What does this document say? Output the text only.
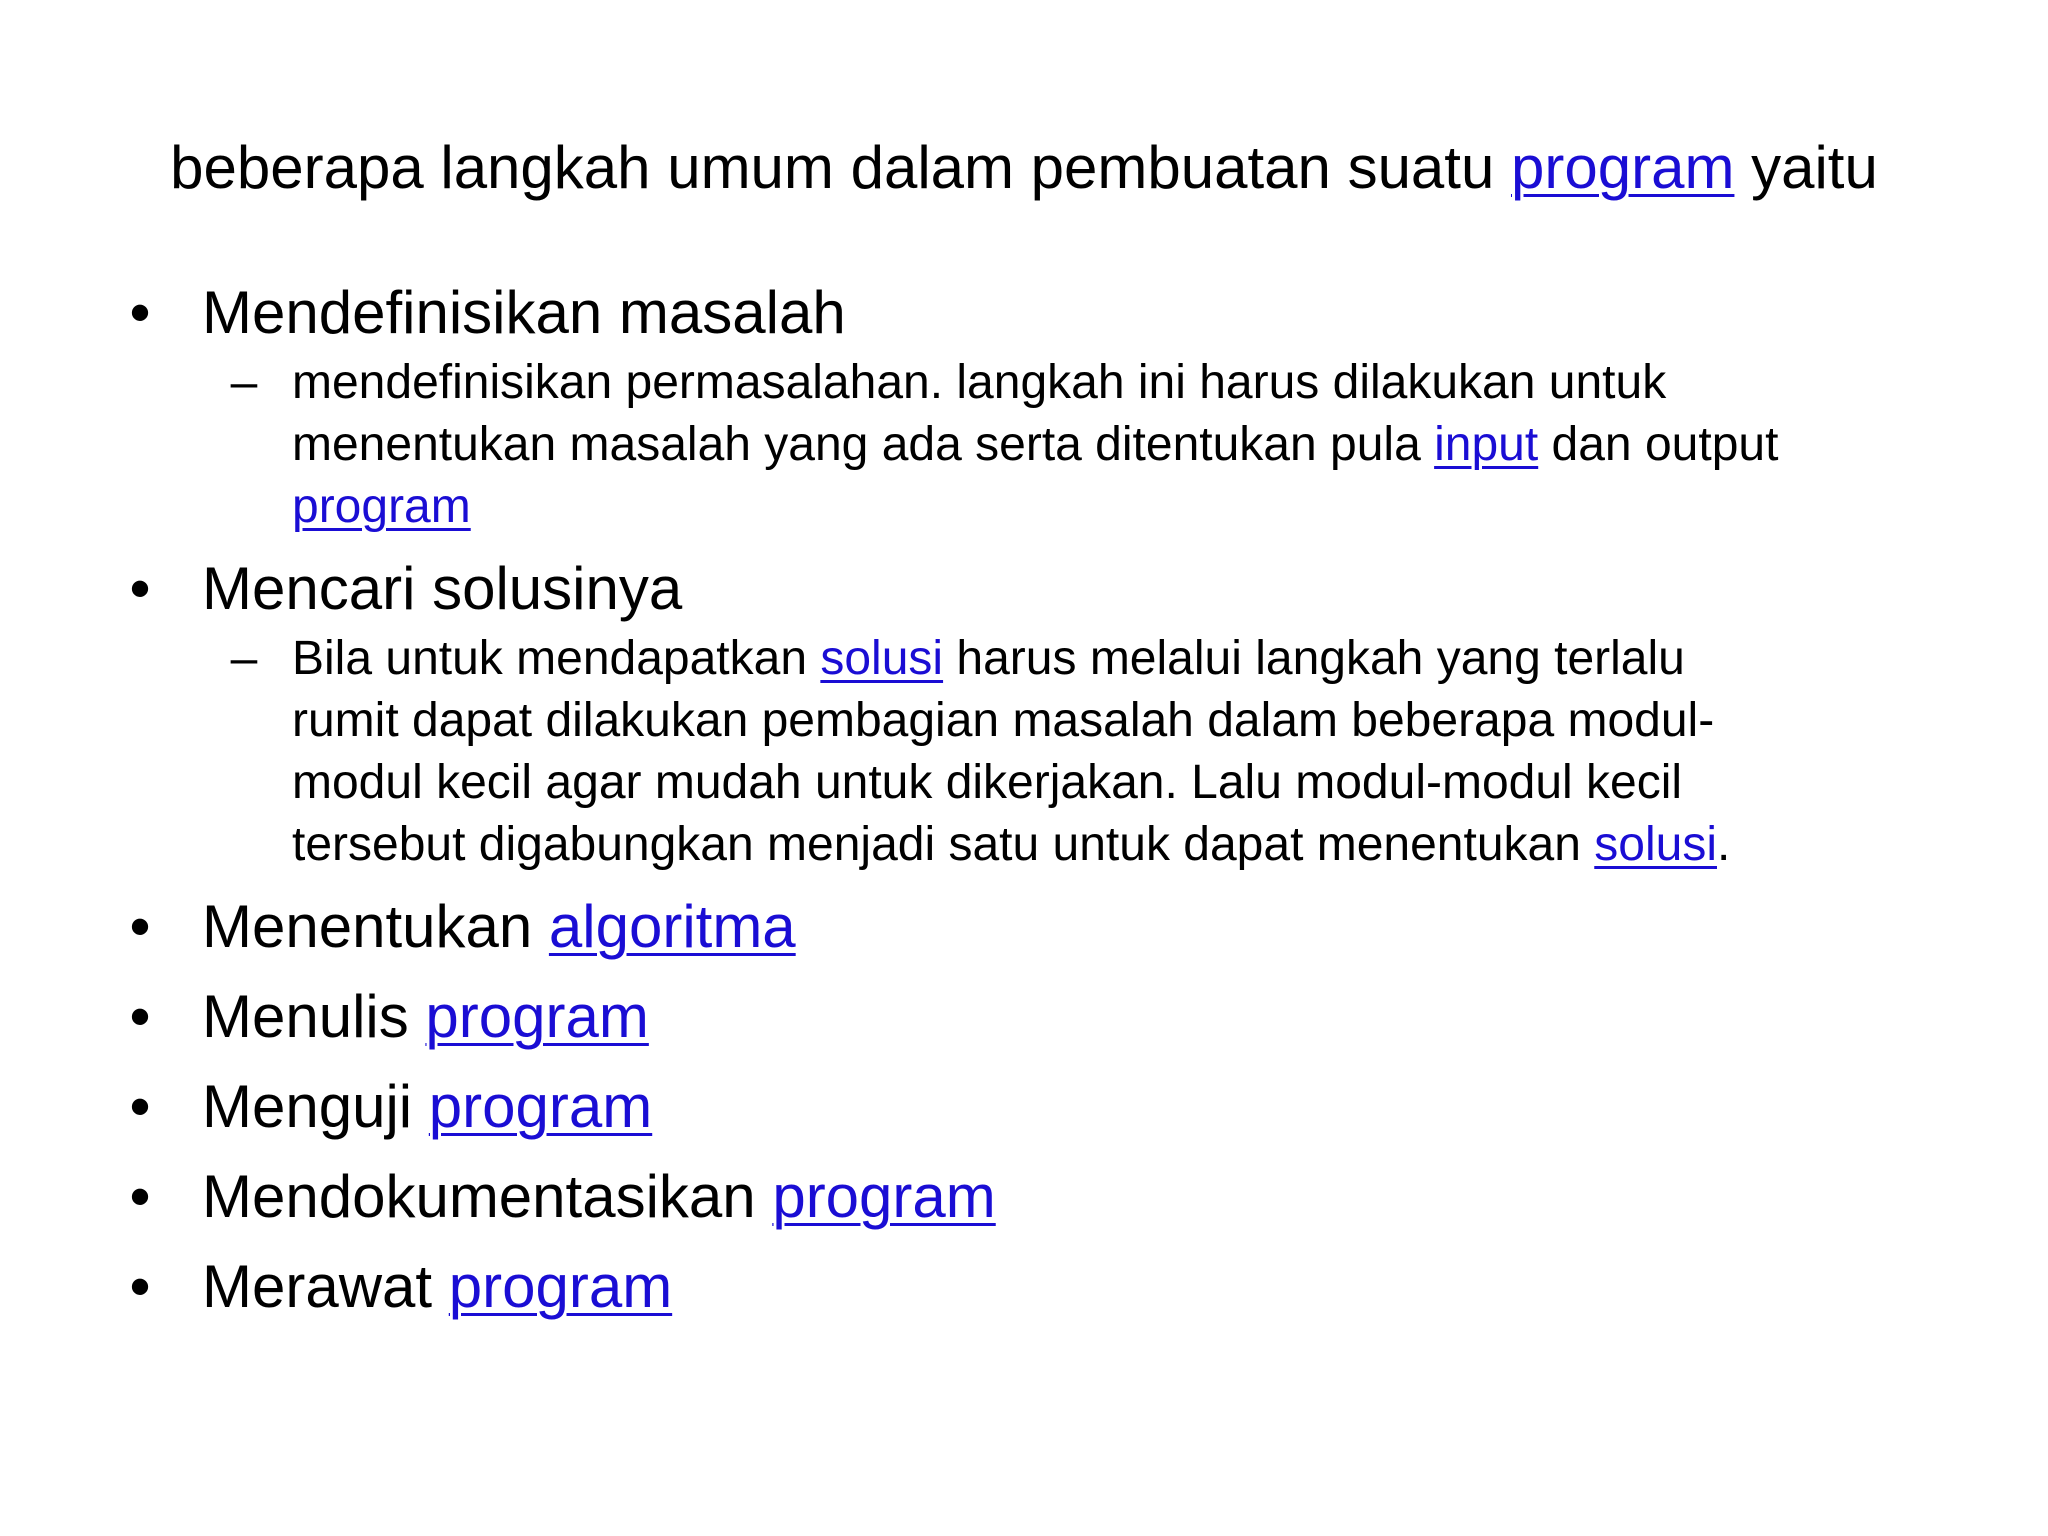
beberapa langkah umum dalam pembuatan suatu program yaitu
• Mendefinisikan masalah
– mendefinisikan permasalahan. langkah ini harus dilakukan untuk
menentukan masalah yang ada serta ditentukan pula input dan output
program
• Mencari solusinya
– Bila untuk mendapatkan solusi harus melalui langkah yang terlalu
rumit dapat dilakukan pembagian masalah dalam beberapa modul-
modul kecil agar mudah untuk dikerjakan. Lalu modul-modul kecil
tersebut digabungkan menjadi satu untuk dapat menentukan solusi.
• Menentukan algoritma
• Menulis program
• Menguji program
• Mendokumentasikan program
• Merawat program
